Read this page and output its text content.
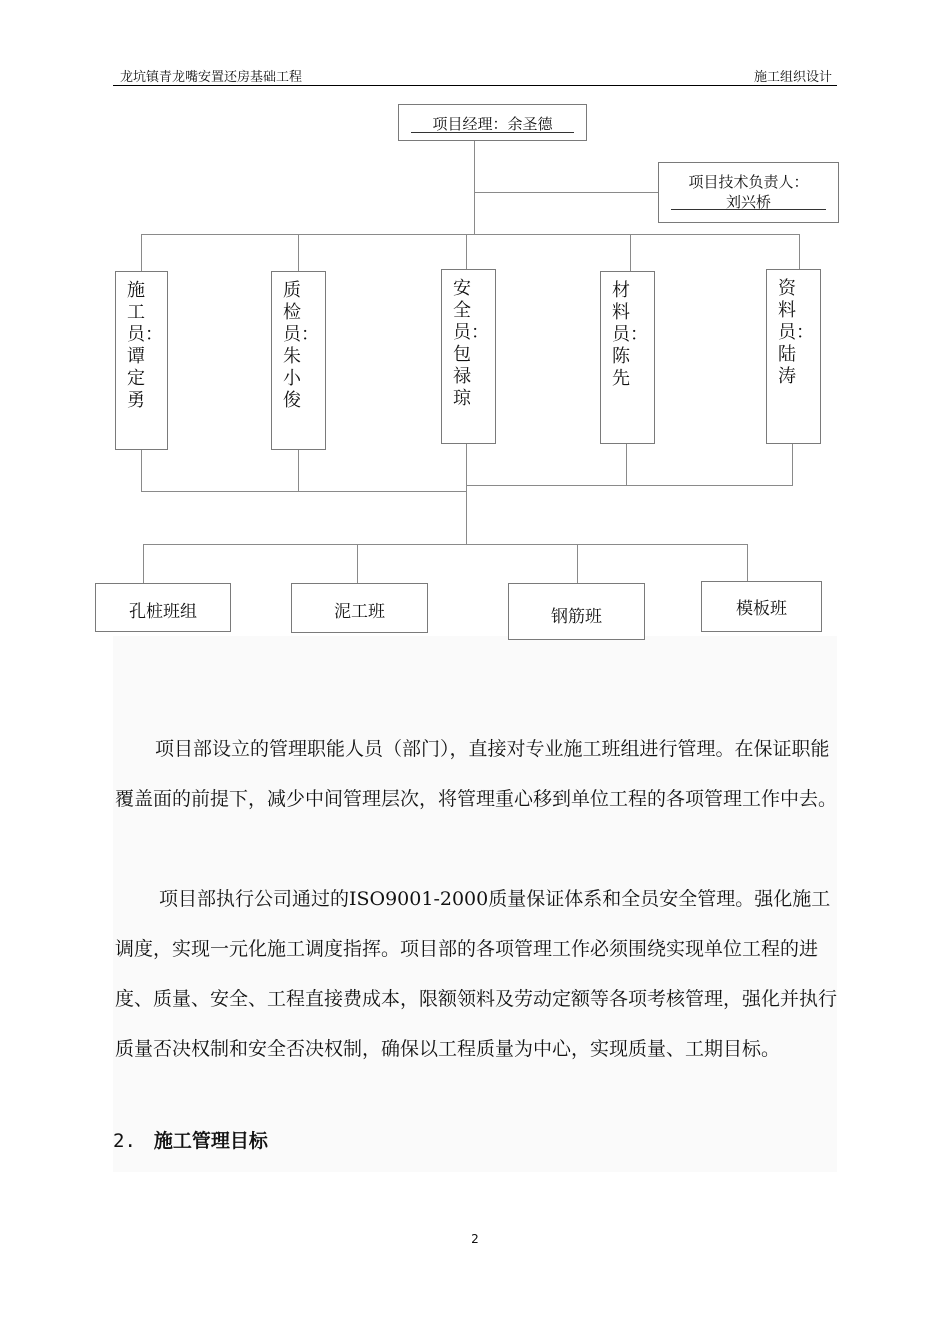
龙坑镇青龙嘴安置还房基础工程	施工组织设计
项目经理：余圣德
项目技术负责人：
刘兴桥
施工员：谭定勇
质检员：朱小俊
安全员：包禄琼
材料员：陈先
资料员：陆涛
孔桩班组	泥工班	钢筋班	模板班
项目部设立的管理职能人员（部门），直接对专业施工班组进行管理。在保证职能覆盖面的前提下，减少中间管理层次，将管理重心移到单位工程的各项管理工作中去。
项目部执行公司通过的ISO9001-2000质量保证体系和全员安全管理。强化施工调度，实现一元化施工调度指挥。项目部的各项管理工作必须围绕实现单位工程的进度、质量、安全、工程直接费成本，限额领料及劳动定额等各项考核管理，强化并执行质量否决权制和安全否决权制，确保以工程质量为中心，实现质量、工期目标。
2. 施工管理目标
2
